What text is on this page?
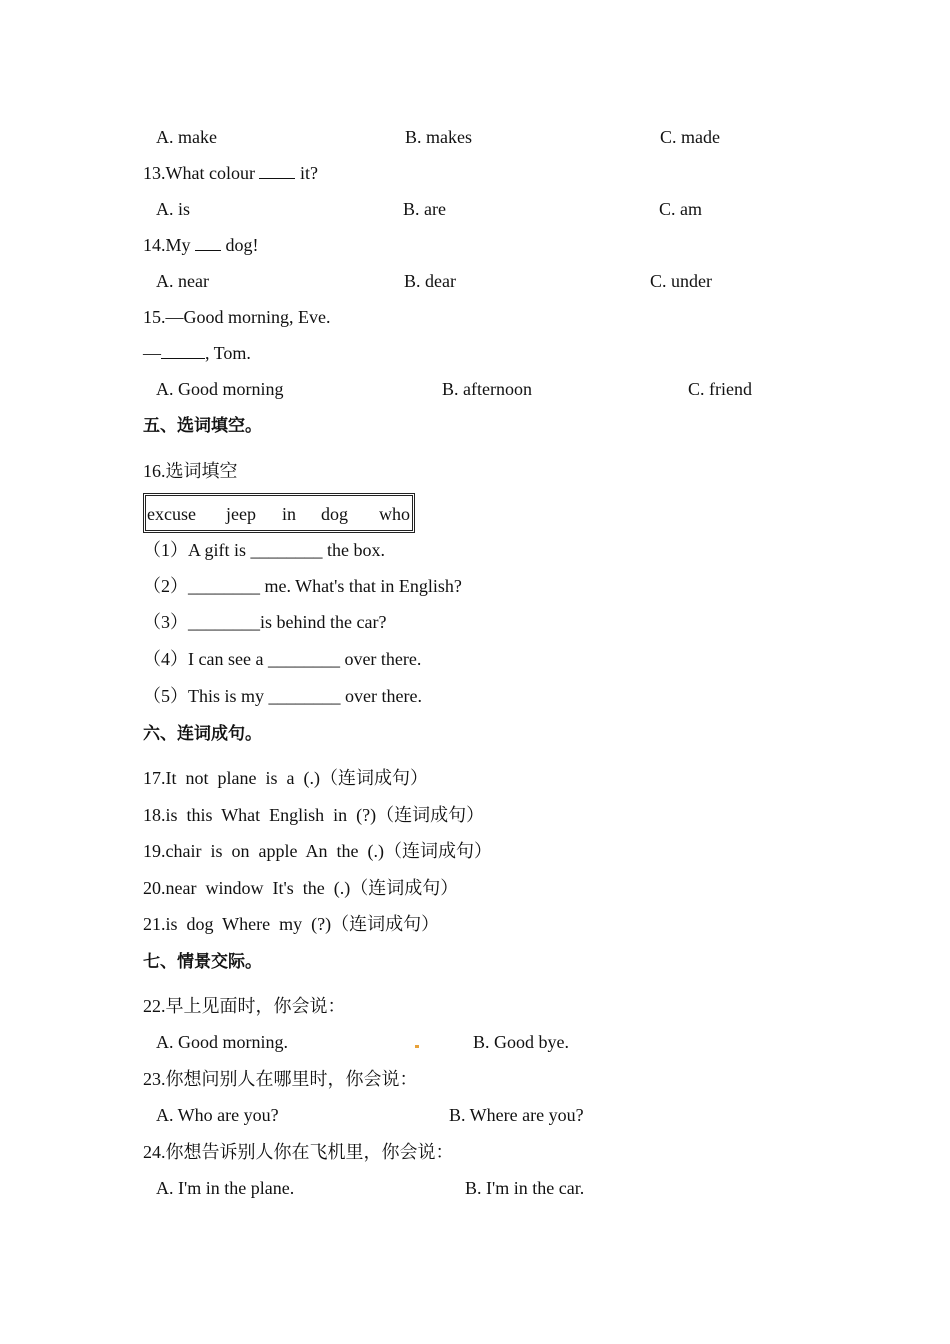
A. make	B. makes	C. made
13.What colour	it?
A. is	B. are	C. am
14.My dog!
A. near	B. dear	C. under
15.—Good morning, Eve.
— , Tom.
A. Good morning	B. afternoon	C. friend
五、选词填空。
16.选词填空
excuse jeep in dog who
（1）A gift is ________ the box.
（2）________ me. What's that in English?
（3）________is behind the car?
（4）I can see a ________ over there.
（5）This is my ________ over there.
六、连词成句。
17.It  not  plane  is  a  (.)（连词成句）
18.is  this  What  English  in  (?)（连词成句）
19.chair  is  on  apple  An  the  (.)（连词成句）
20.near  window  It's  the  (.)（连词成句）
21.is  dog  Where  my  (?)（连词成句）
七、情景交际。
22.早上见面时，你会说：
A. Good morning.	B. Good bye.
23.你想问别人在哪里时，你会说：
A. Who are you?	B. Where are you?
24.你想告诉别人你在飞机里，你会说：
A. I'm in the plane.	B. I'm in the car.
